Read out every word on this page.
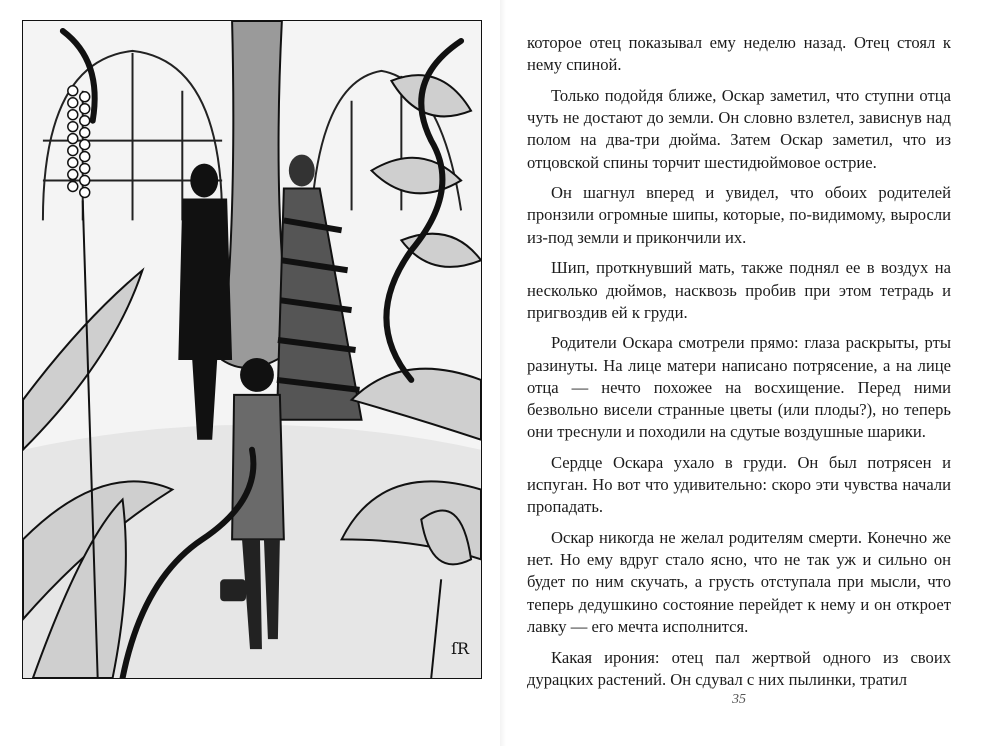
ſR

которое отец показывал ему неделю назад. Отец стоял к нему спиной.

Только подойдя ближе, Оскар заметил, что ступни отца чуть не достают до земли. Он словно взлетел, зависнув над полом на два-три дюйма. Затем Оскар заметил, что из отцовской спины торчит шестидюймовое острие.

Он шагнул вперед и увидел, что обоих родителей пронзили огромные шипы, которые, по-видимому, выросли из-под земли и прикончили их.

Шип, проткнувший мать, также поднял ее в воздух на несколько дюймов, насквозь пробив при этом тетрадь и пригвоздив ей к груди.

Родители Оскара смотрели прямо: глаза раскрыты, рты разинуты. На лице матери написано потрясение, а на лице отца — нечто похожее на восхищение. Перед ними безвольно висели странные цветы (или плоды?), но теперь они треснули и походили на сдутые воздушные шарики.

Сердце Оскара ухало в груди. Он был потрясен и испуган. Но вот что удивительно: скоро эти чувства начали пропадать.

Оскар никогда не желал родителям смерти. Конечно же нет. Но ему вдруг стало ясно, что не так уж и сильно он будет по ним скучать, а грусть отступала при мысли, что теперь дедушкино состояние перейдет к нему и он откроет лавку — его мечта исполнится.

Какая ирония: отец пал жертвой одного из своих дурацких растений. Он сдувал с них пылинки, тратил

35
